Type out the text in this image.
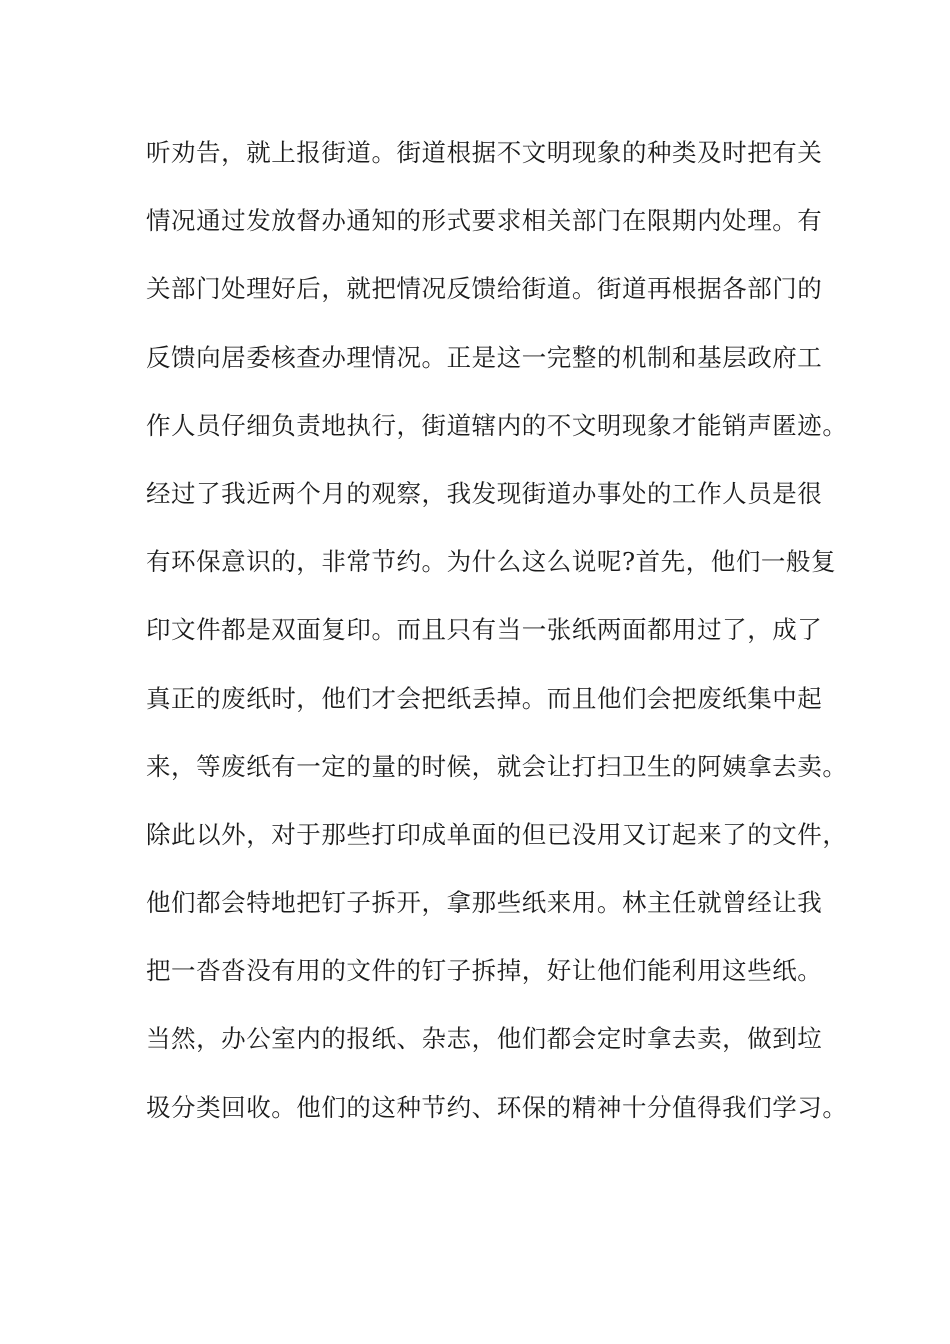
听劝告，就上报街道。街道根据不文明现象的种类及时把有关
情况通过发放督办通知的形式要求相关部门在限期内处理。有
关部门处理好后，就把情况反馈给街道。街道再根据各部门的
反馈向居委核查办理情况。正是这一完整的机制和基层政府工
作人员仔细负责地执行，街道辖内的不文明现象才能销声匿迹。
经过了我近两个月的观察，我发现街道办事处的工作人员是很
有环保意识的，非常节约。为什么这么说呢?首先，他们一般复
印文件都是双面复印。而且只有当一张纸两面都用过了，成了
真正的废纸时，他们才会把纸丢掉。而且他们会把废纸集中起
来，等废纸有一定的量的时候，就会让打扫卫生的阿姨拿去卖。
除此以外，对于那些打印成单面的但已没用又订起来了的文件，
他们都会特地把钉子拆开，拿那些纸来用。林主任就曾经让我
把一沓沓没有用的文件的钉子拆掉，好让他们能利用这些纸。
当然，办公室内的报纸、杂志，他们都会定时拿去卖，做到垃
圾分类回收。他们的这种节约、环保的精神十分值得我们学习。
